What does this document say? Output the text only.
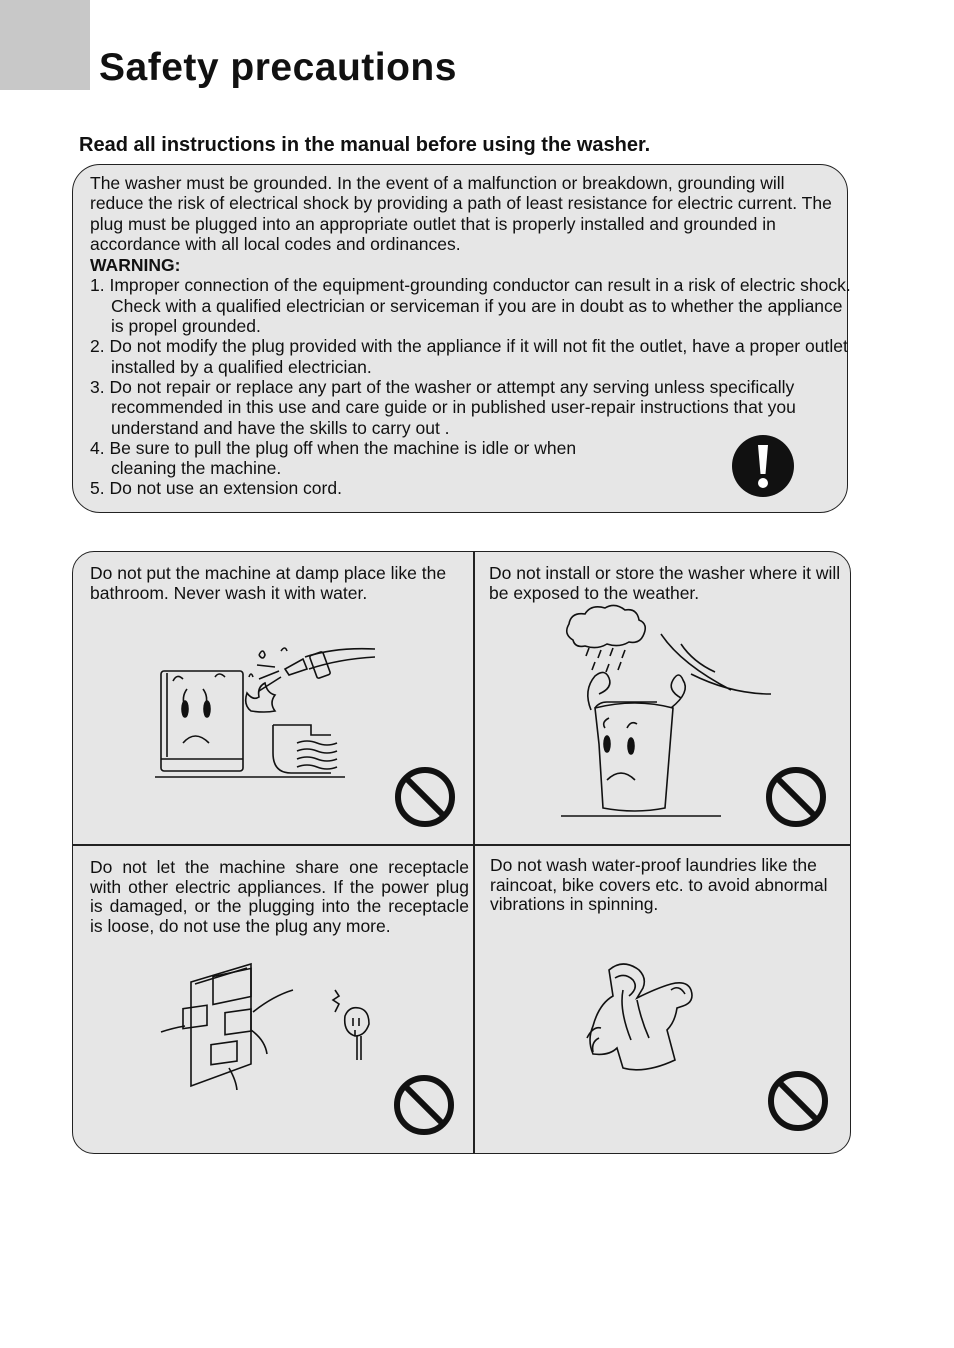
Safety precautions
Read all instructions in the manual before using the washer.

The washer must be grounded. In the event of a malfunction or breakdown, grounding will reduce the risk of electrical shock by providing a path of least resistance for electric current. The plug must be plugged into an appropriate outlet that is properly installed and grounded in accordance with all local codes and ordinances.

WARNING:

1. Improper connection of the equipment-grounding conductor can result in a risk of electric shock. Check with a qualified electrician or serviceman if you are in doubt as to whether the appliance is propel grounded.
2. Do not modify the plug provided with the appliance if it will not fit the outlet, have a proper outlet installed by a qualified electrician.
3. Do not repair or replace any part of the washer or attempt any serving unless specifically recommended in this use and care guide or in published user-repair instructions that you understand and have the skills to carry out .
4. Be sure to pull the plug off when the machine is idle or when cleaning the machine.
5. Do not use an extension cord.

Do not put the machine at damp place like the bathroom. Never wash it with water.

Do not install or store the washer where it will be exposed to the weather.

Do not let the machine share one receptacle with other electric appliances. If the power plug is damaged, or the plugging into the receptacle is loose, do not use the plug any more.

Do not wash water-proof laundries like the raincoat, bike covers etc. to avoid abnormal vibrations in spinning.
